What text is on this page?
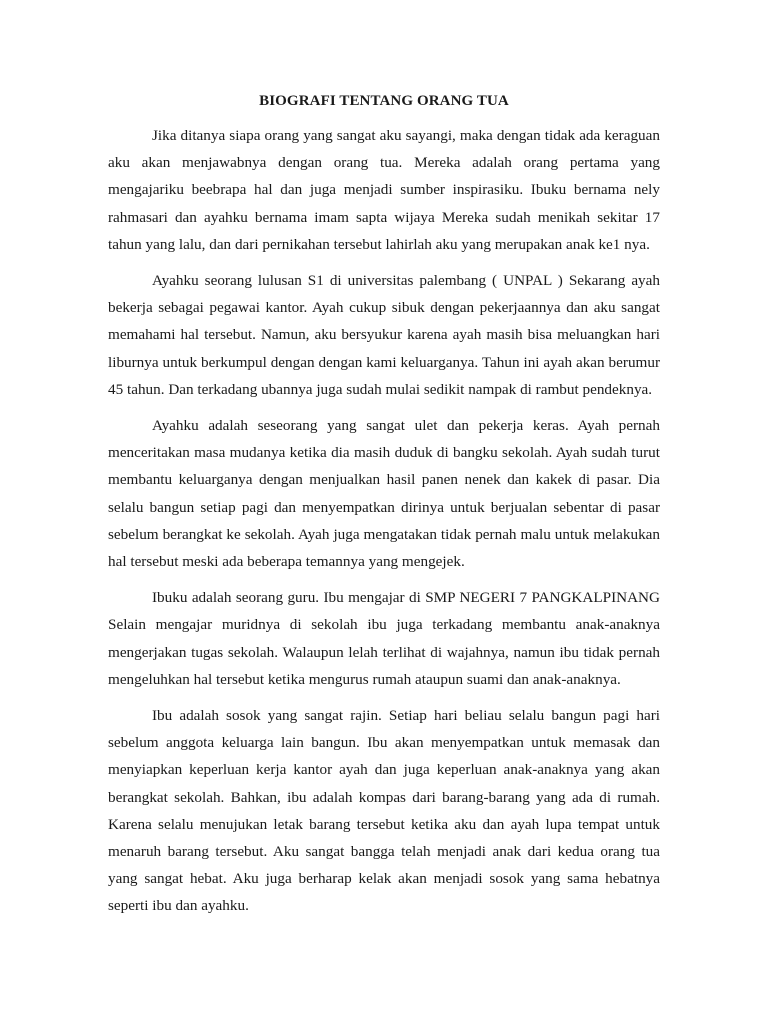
BIOGRAFI TENTANG ORANG TUA

Jika ditanya siapa orang yang sangat aku sayangi, maka dengan tidak ada keraguan aku akan menjawabnya dengan orang tua. Mereka adalah orang pertama yang mengajariku beebrapa hal dan juga menjadi sumber inspirasiku. Ibuku bernama nely rahmasari dan ayahku bernama imam sapta wijaya Mereka sudah menikah sekitar 17 tahun yang lalu, dan dari pernikahan tersebut lahirlah aku yang merupakan anak ke1 nya.

Ayahku seorang lulusan S1 di universitas palembang ( UNPAL ) Sekarang ayah bekerja sebagai pegawai kantor. Ayah cukup sibuk dengan pekerjaannya dan aku sangat memahami hal tersebut. Namun, aku bersyukur karena ayah masih bisa meluangkan hari liburnya untuk berkumpul dengan dengan kami keluarganya. Tahun ini ayah akan berumur 45 tahun. Dan terkadang ubannya juga sudah mulai sedikit nampak di rambut pendeknya.

Ayahku adalah seseorang yang sangat ulet dan pekerja keras. Ayah pernah menceritakan masa mudanya ketika dia masih duduk di bangku sekolah. Ayah sudah turut membantu keluarganya dengan menjualkan hasil panen nenek dan kakek di pasar. Dia selalu bangun setiap pagi dan menyempatkan dirinya untuk berjualan sebentar di pasar sebelum berangkat ke sekolah. Ayah juga mengatakan tidak pernah malu untuk melakukan hal tersebut meski ada beberapa temannya yang mengejek.

Ibuku adalah seorang guru. Ibu mengajar di SMP NEGERI 7 PANGKALPINANG Selain mengajar muridnya di sekolah ibu juga terkadang membantu anak-anaknya mengerjakan tugas sekolah. Walaupun lelah terlihat di wajahnya, namun ibu tidak pernah mengeluhkan hal tersebut ketika mengurus rumah ataupun suami dan anak-anaknya.

Ibu adalah sosok yang sangat rajin. Setiap hari beliau selalu bangun pagi hari sebelum anggota keluarga lain bangun. Ibu akan menyempatkan untuk memasak dan menyiapkan keperluan kerja kantor ayah dan juga keperluan anak-anaknya yang akan berangkat sekolah. Bahkan, ibu adalah kompas dari barang-barang yang ada di rumah. Karena selalu menujukan letak barang tersebut ketika aku dan ayah lupa tempat untuk menaruh barang tersebut. Aku sangat bangga telah menjadi anak dari kedua orang tua yang sangat hebat. Aku juga berharap kelak akan menjadi sosok yang sama hebatnya seperti ibu dan ayahku.
